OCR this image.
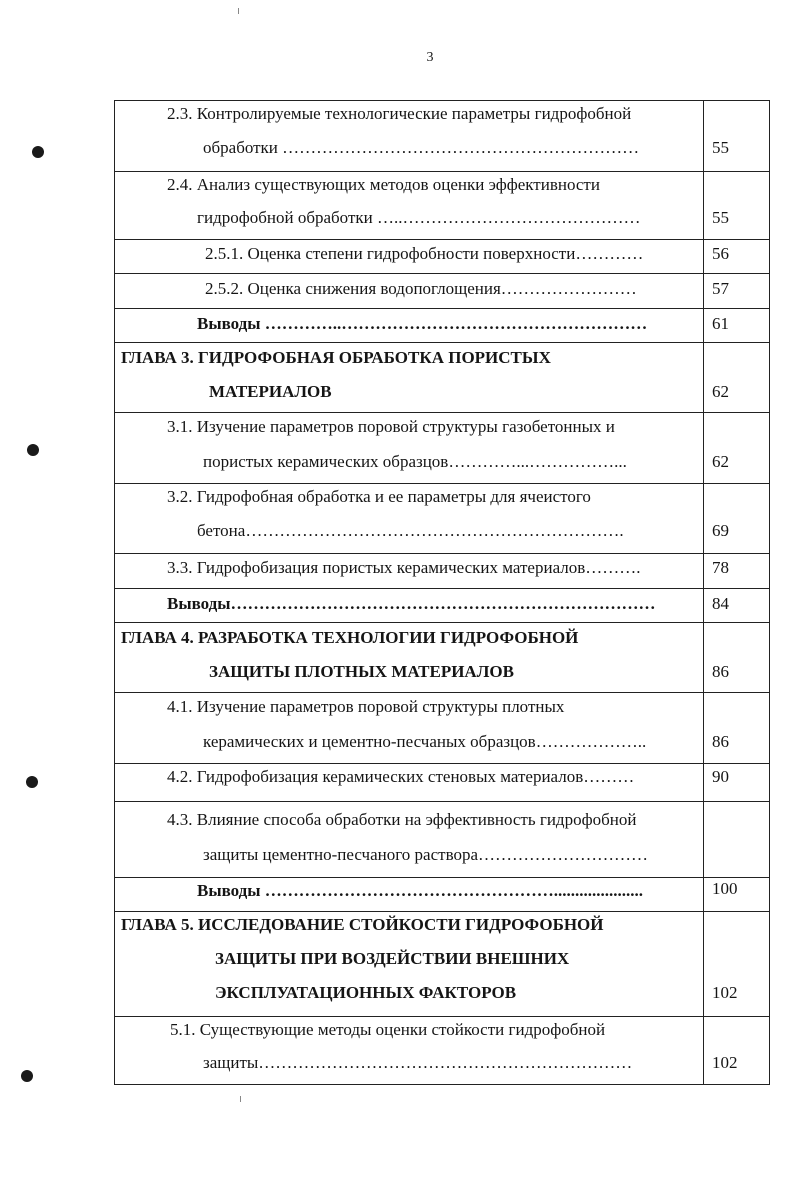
3
2.3. Контролируемые технологические параметры гидрофобной
обработки ………………………………………………………	55
2.4. Анализ существующих методов оценки эффективности
гидрофобной обработки …..……………………………………	55
2.5.1. Оценка степени гидрофобности поверхности…………	56
2.5.2. Оценка снижения водопоглощения……………………	57
Выводы …………..………………………………………………	61
ГЛАВА 3. ГИДРОФОБНАЯ ОБРАБОТКА ПОРИСТЫХ
МАТЕРИАЛОВ	62
3.1. Изучение параметров поровой структуры газобетонных и
пористых керамических образцов…………...……………...	62
3.2. Гидрофобная обработка и ее параметры для ячеистого
бетона………………………………………………………….	69
3.3. Гидрофобизация пористых керамических материалов……….	78
Выводы…………………………………………………………………	84
ГЛАВА 4. РАЗРАБОТКА ТЕХНОЛОГИИ ГИДРОФОБНОЙ
ЗАЩИТЫ ПЛОТНЫХ МАТЕРИАЛОВ	86
4.1. Изучение параметров поровой структуры плотных
керамических и цементно-песчаных образцов………………..	86
4.2. Гидрофобизация керамических стеновых материалов………	90
4.3. Влияние способа обработки на эффективность гидрофобной
защиты цементно-песчаного раствора…………………………
Выводы …………………………………………….....................	100
ГЛАВА 5. ИССЛЕДОВАНИЕ СТОЙКОСТИ ГИДРОФОБНОЙ
ЗАЩИТЫ ПРИ ВОЗДЕЙСТВИИ ВНЕШНИХ
ЭКСПЛУАТАЦИОННЫХ ФАКТОРОВ	102
5.1. Существующие методы оценки стойкости гидрофобной
защиты…………………………………………………………	102
